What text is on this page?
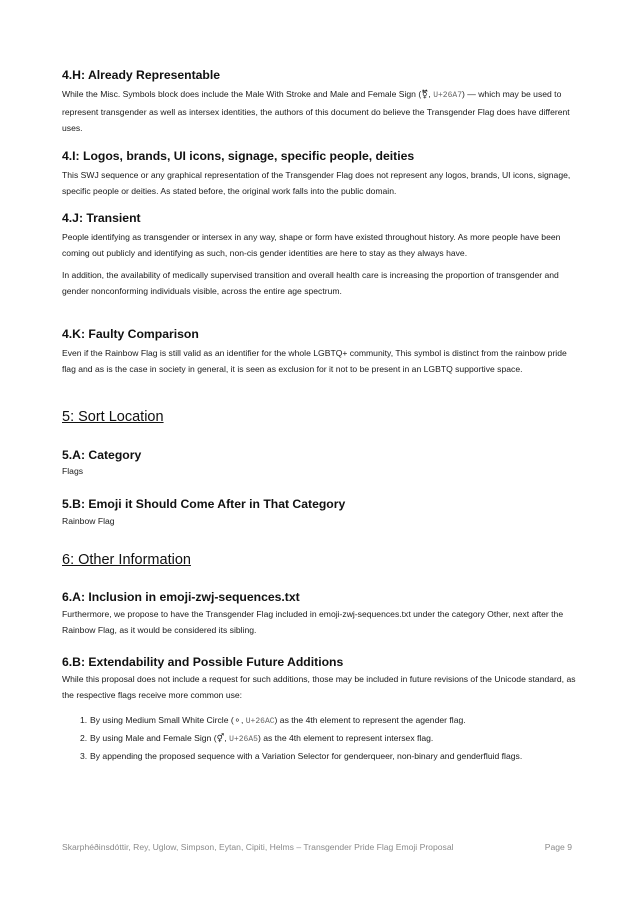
4.H: Already Representable

While the Misc. Symbols block does include the Male With Stroke and Male and Female Sign (⚧, U+26A7) — which may be used to represent transgender as well as intersex identities, the authors of this document do believe the Transgender Flag does have different uses.

4.I: Logos, brands, UI icons, signage, specific people, deities

This SWJ sequence or any graphical representation of the Transgender Flag does not represent any logos, brands, UI icons, signage, specific people or deities. As stated before, the original work falls into the public domain.

4.J: Transient

People identifying as transgender or intersex in any way, shape or form have existed throughout history. As more people have been coming out publicly and identifying as such, non-cis gender identities are here to stay as they always have.

In addition, the availability of medically supervised transition and overall health care is increasing the proportion of transgender and gender nonconforming individuals visible, across the entire age spectrum.

4.K: Faulty Comparison

Even if the Rainbow Flag is still valid as an identifier for the whole LGBTQ+ community, This symbol is distinct from the rainbow pride flag and as is the case in society in general, it is seen as exclusion for it not to be present in an LGBTQ supportive space.

5: Sort Location
5.A: Category

Flags

5.B: Emoji it Should Come After in That Category

Rainbow Flag

6: Other Information
6.A: Inclusion in emoji-zwj-sequences.txt

Furthermore, we propose to have the Transgender Flag included in emoji-zwj-sequences.txt under the category Other, next after the Rainbow Flag, as it would be considered its sibling.

6.B: Extendability and Possible Future Additions

While this proposal does not include a request for such additions, those may be included in future revisions of the Unicode standard, as the respective flags receive more common use:

1. By using Medium Small White Circle (⚬, U+26AC) as the 4th element to represent the agender flag.
2. By using Male and Female Sign (⚥, U+26A5) as the 4th element to represent intersex flag.
3. By appending the proposed sequence with a Variation Selector for genderqueer, non-binary and genderfluid flags.
Skarphéðinsdóttir, Rey, Uglow, Simpson, Eytan, Cipiti, Helms – Transgender Pride Flag Emoji Proposal	Page 9
